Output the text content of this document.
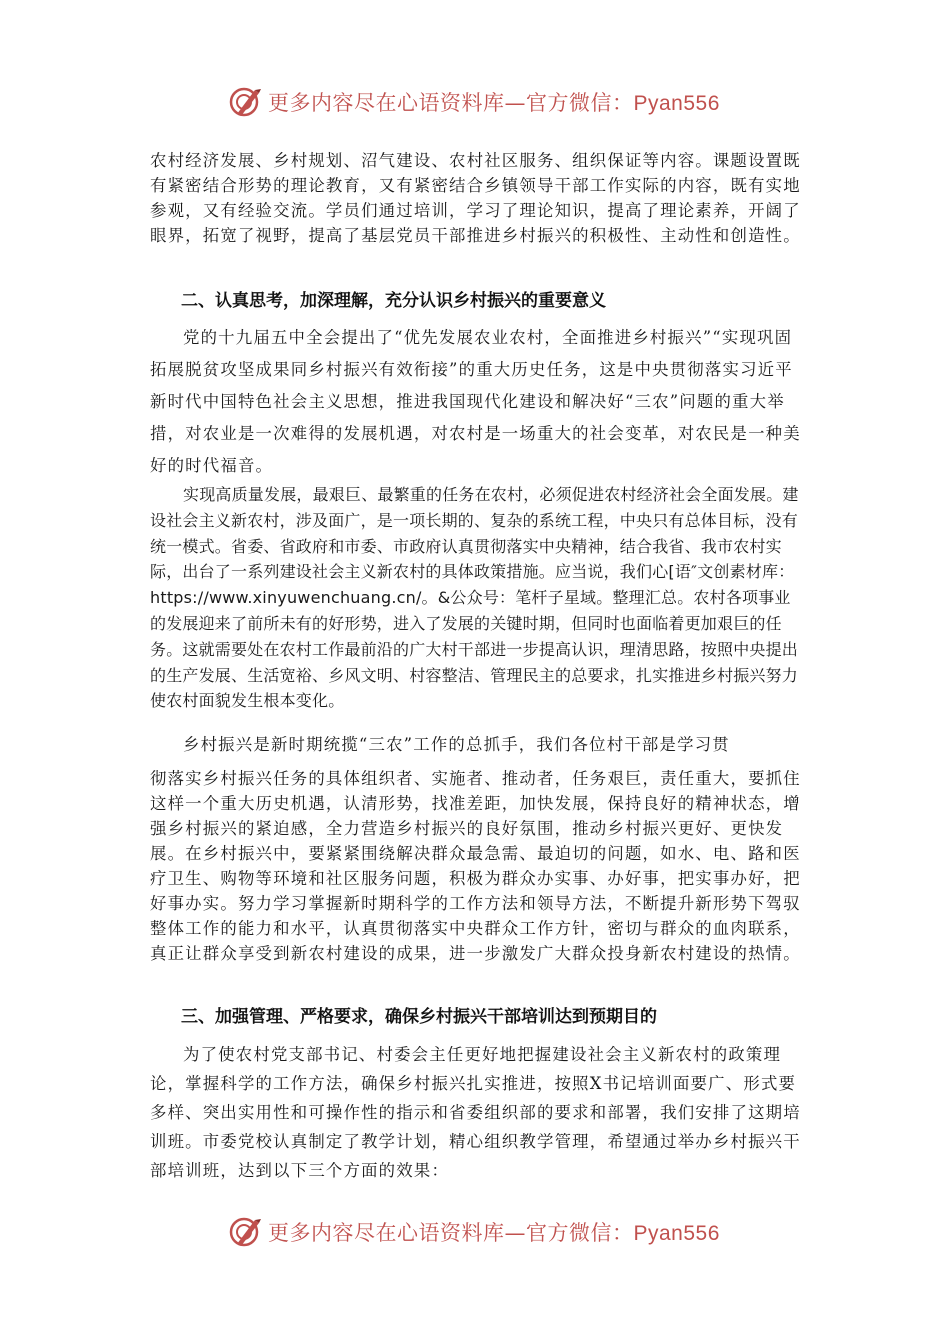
更多内容尽在心语资料库—官方微信：Pyan556

农村经济发展、乡村规划、沼气建设、农村社区服务、组织保证等内容。课题设置既有紧密结合形势的理论教育，又有紧密结合乡镇领导干部工作实际的内容，既有实地参观，又有经验交流。学员们通过培训，学习了理论知识，提高了理论素养，开阔了眼界，拓宽了视野，提高了基层党员干部推进乡村振兴的积极性、主动性和创造性。

二、认真思考，加深理解，充分认识乡村振兴的重要意义

党的十九届五中全会提出了“优先发展农业农村，全面推进乡村振兴”“实现巩固拓展脱贫攻坚成果同乡村振兴有效衔接”的重大历史任务，这是中央贯彻落实习近平新时代中国特色社会主义思想，推进我国现代化建设和解决好“三农”问题的重大举措，对农业是一次难得的发展机遇，对农村是一场重大的社会变革，对农民是一种美好的时代福音。

实现高质量发展，最艰巨、最繁重的任务在农村，必须促进农村经济社会全面发展。建设社会主义新农村，涉及面广，是一项长期的、复杂的系统工程，中央只有总体目标，没有统一模式。省委、省政府和市委、市政府认真贯彻落实中央精神，结合我省、我市农村实际，出台了一系列建设社会主义新农村的具体政策措施。应当说，我们心[语″文创素材库：https://www.xinyuwenchuang.cn/。&公众号：笔杆子星域。整理汇总。农村各项事业的发展迎来了前所未有的好形势，进入了发展的关键时期，但同时也面临着更加艰巨的任务。这就需要处在农村工作最前沿的广大村干部进一步提高认识，理清思路，按照中央提出的生产发展、生活宽裕、乡风文明、村容整洁、管理民主的总要求，扎实推进乡村振兴努力使农村面貌发生根本变化。

乡村振兴是新时期统揽“三农”工作的总抓手，我们各位村干部是学习贯

彻落实乡村振兴任务的具体组织者、实施者、推动者，任务艰巨，责任重大，要抓住这样一个重大历史机遇，认清形势，找准差距，加快发展，保持良好的精神状态，增强乡村振兴的紧迫感，全力营造乡村振兴的良好氛围，推动乡村振兴更好、更快发展。在乡村振兴中，要紧紧围绕解决群众最急需、最迫切的问题，如水、电、路和医疗卫生、购物等环境和社区服务问题，积极为群众办实事、办好事，把实事办好，把好事办实。努力学习掌握新时期科学的工作方法和领导方法，不断提升新形势下驾驭整体工作的能力和水平，认真贯彻落实中央群众工作方针，密切与群众的血肉联系，真正让群众享受到新农村建设的成果，进一步激发广大群众投身新农村建设的热情。

三、加强管理、严格要求，确保乡村振兴干部培训达到预期目的

为了使农村党支部书记、村委会主任更好地把握建设社会主义新农村的政策理论，掌握科学的工作方法，确保乡村振兴扎实推进，按照X书记培训面要广、形式要多样、突出实用性和可操作性的指示和省委组织部的要求和部署，我们安排了这期培训班。市委党校认真制定了教学计划，精心组织教学管理，希望通过举办乡村振兴干部培训班，达到以下三个方面的效果：

更多内容尽在心语资料库—官方微信：Pyan556
